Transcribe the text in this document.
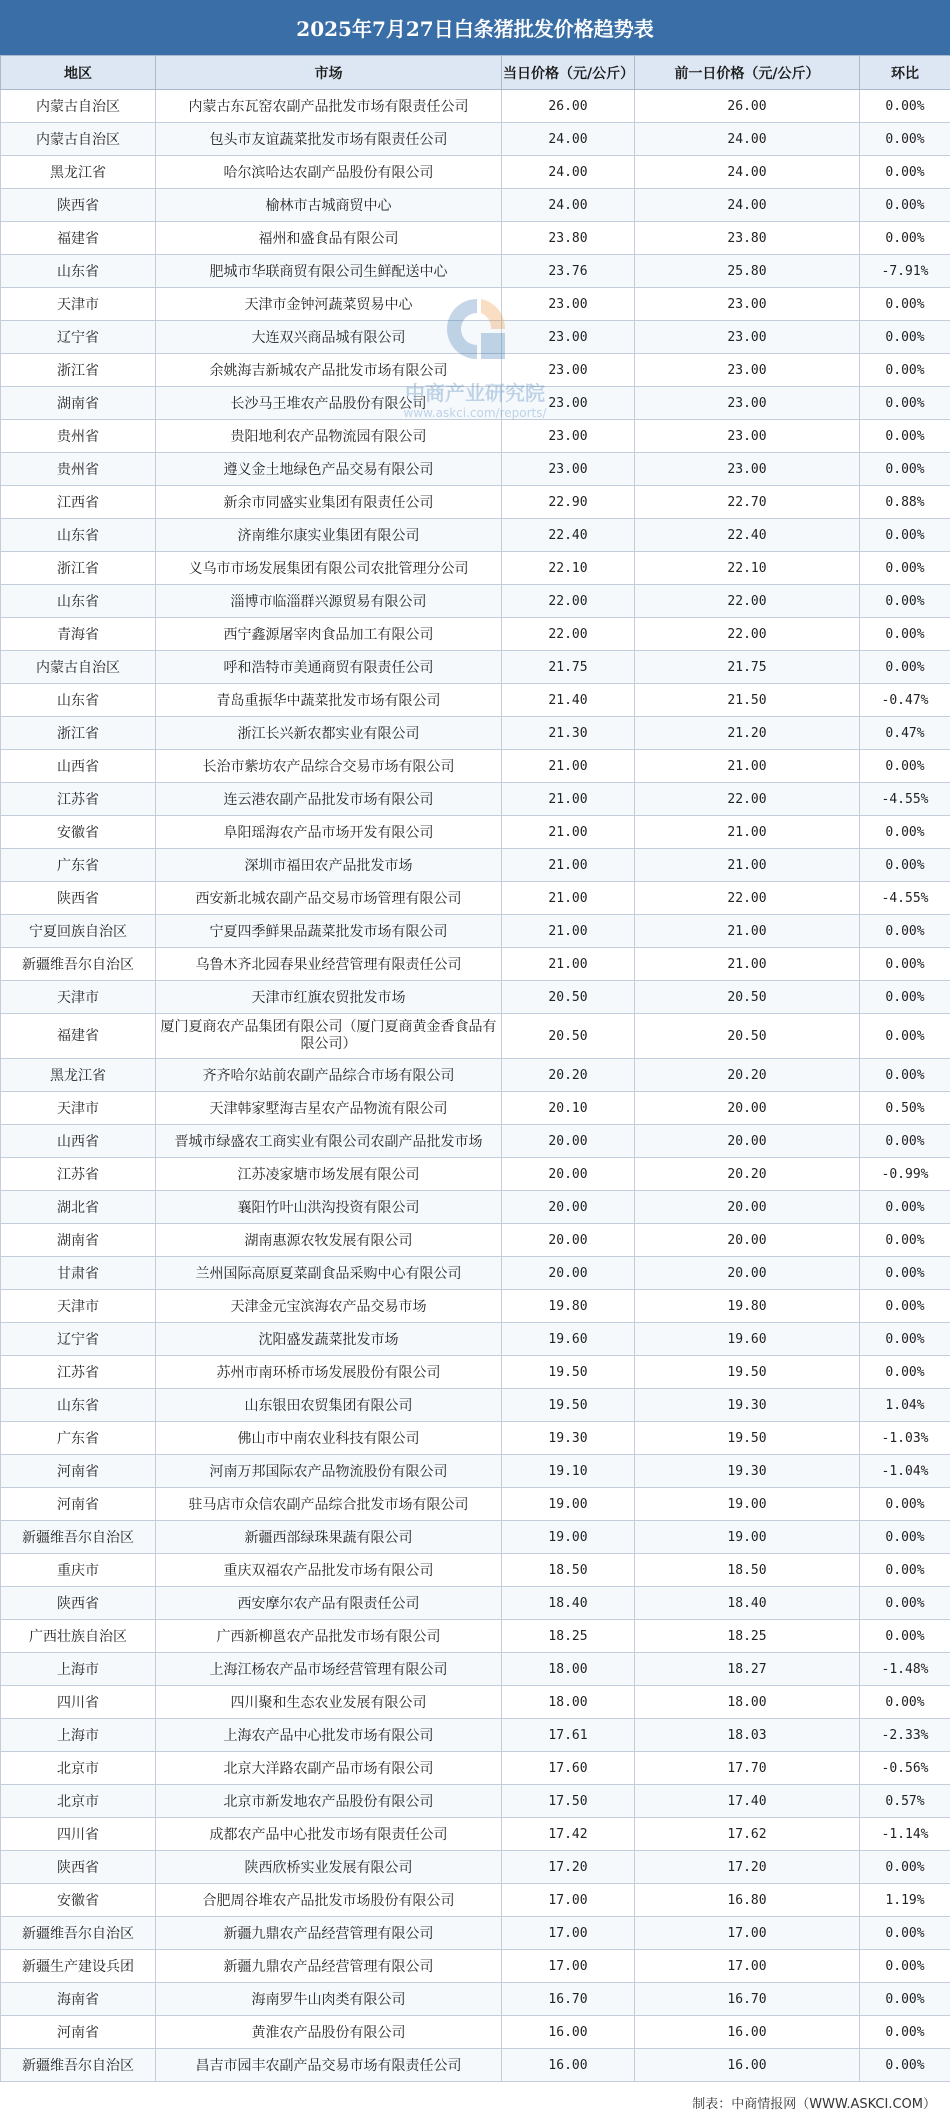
2025年7月27日白条猪批发价格趋势表
地区	市场	当日价格（元/公斤）	前一日价格（元/公斤）	环比
内蒙古自治区	内蒙古东瓦窑农副产品批发市场有限责任公司	26.00	26.00	0.00%
内蒙古自治区	包头市友谊蔬菜批发市场有限责任公司	24.00	24.00	0.00%
黑龙江省	哈尔滨哈达农副产品股份有限公司	24.00	24.00	0.00%
陕西省	榆林市古城商贸中心	24.00	24.00	0.00%
福建省	福州和盛食品有限公司	23.80	23.80	0.00%
山东省	肥城市华联商贸有限公司生鲜配送中心	23.76	25.80	-7.91%
天津市	天津市金钟河蔬菜贸易中心	23.00	23.00	0.00%
辽宁省	大连双兴商品城有限公司	23.00	23.00	0.00%
浙江省	余姚海吉新城农产品批发市场有限公司	23.00	23.00	0.00%
湖南省	长沙马王堆农产品股份有限公司	23.00	23.00	0.00%
贵州省	贵阳地利农产品物流园有限公司	23.00	23.00	0.00%
贵州省	遵义金土地绿色产品交易有限公司	23.00	23.00	0.00%
江西省	新余市同盛实业集团有限责任公司	22.90	22.70	0.88%
山东省	济南维尔康实业集团有限公司	22.40	22.40	0.00%
浙江省	义乌市市场发展集团有限公司农批管理分公司	22.10	22.10	0.00%
山东省	淄博市临淄群兴源贸易有限公司	22.00	22.00	0.00%
青海省	西宁鑫源屠宰肉食品加工有限公司	22.00	22.00	0.00%
内蒙古自治区	呼和浩特市美通商贸有限责任公司	21.75	21.75	0.00%
山东省	青岛重振华中蔬菜批发市场有限公司	21.40	21.50	-0.47%
浙江省	浙江长兴新农都实业有限公司	21.30	21.20	0.47%
山西省	长治市紫坊农产品综合交易市场有限公司	21.00	21.00	0.00%
江苏省	连云港农副产品批发市场有限公司	21.00	22.00	-4.55%
安徽省	阜阳瑶海农产品市场开发有限公司	21.00	21.00	0.00%
广东省	深圳市福田农产品批发市场	21.00	21.00	0.00%
陕西省	西安新北城农副产品交易市场管理有限公司	21.00	22.00	-4.55%
宁夏回族自治区	宁夏四季鲜果品蔬菜批发市场有限公司	21.00	21.00	0.00%
新疆维吾尔自治区	乌鲁木齐北园春果业经营管理有限责任公司	21.00	21.00	0.00%
天津市	天津市红旗农贸批发市场	20.50	20.50	0.00%
福建省	厦门夏商农产品集团有限公司（厦门夏商黄金香食品有限公司）	20.50	20.50	0.00%
黑龙江省	齐齐哈尔站前农副产品综合市场有限公司	20.20	20.20	0.00%
天津市	天津韩家墅海吉星农产品物流有限公司	20.10	20.00	0.50%
山西省	晋城市绿盛农工商实业有限公司农副产品批发市场	20.00	20.00	0.00%
江苏省	江苏凌家塘市场发展有限公司	20.00	20.20	-0.99%
湖北省	襄阳竹叶山洪沟投资有限公司	20.00	20.00	0.00%
湖南省	湖南惠源农牧发展有限公司	20.00	20.00	0.00%
甘肃省	兰州国际高原夏菜副食品采购中心有限公司	20.00	20.00	0.00%
天津市	天津金元宝滨海农产品交易市场	19.80	19.80	0.00%
辽宁省	沈阳盛发蔬菜批发市场	19.60	19.60	0.00%
江苏省	苏州市南环桥市场发展股份有限公司	19.50	19.50	0.00%
山东省	山东银田农贸集团有限公司	19.50	19.30	1.04%
广东省	佛山市中南农业科技有限公司	19.30	19.50	-1.03%
河南省	河南万邦国际农产品物流股份有限公司	19.10	19.30	-1.04%
河南省	驻马店市众信农副产品综合批发市场有限公司	19.00	19.00	0.00%
新疆维吾尔自治区	新疆西部绿珠果蔬有限公司	19.00	19.00	0.00%
重庆市	重庆双福农产品批发市场有限公司	18.50	18.50	0.00%
陕西省	西安摩尔农产品有限责任公司	18.40	18.40	0.00%
广西壮族自治区	广西新柳邕农产品批发市场有限公司	18.25	18.25	0.00%
上海市	上海江杨农产品市场经营管理有限公司	18.00	18.27	-1.48%
四川省	四川聚和生态农业发展有限公司	18.00	18.00	0.00%
上海市	上海农产品中心批发市场有限公司	17.61	18.03	-2.33%
北京市	北京大洋路农副产品市场有限公司	17.60	17.70	-0.56%
北京市	北京市新发地农产品股份有限公司	17.50	17.40	0.57%
四川省	成都农产品中心批发市场有限责任公司	17.42	17.62	-1.14%
陕西省	陕西欣桥实业发展有限公司	17.20	17.20	0.00%
安徽省	合肥周谷堆农产品批发市场股份有限公司	17.00	16.80	1.19%
新疆维吾尔自治区	新疆九鼎农产品经营管理有限公司	17.00	17.00	0.00%
新疆生产建设兵团	新疆九鼎农产品经营管理有限公司	17.00	17.00	0.00%
海南省	海南罗牛山肉类有限公司	16.70	16.70	0.00%
河南省	黄淮农产品股份有限公司	16.00	16.00	0.00%
新疆维吾尔自治区	昌吉市园丰农副产品交易市场有限责任公司	16.00	16.00	0.00%
中商产业研究院
www.askci.com/reports/
制表：中商情报网（WWW.ASKCI.COM）
